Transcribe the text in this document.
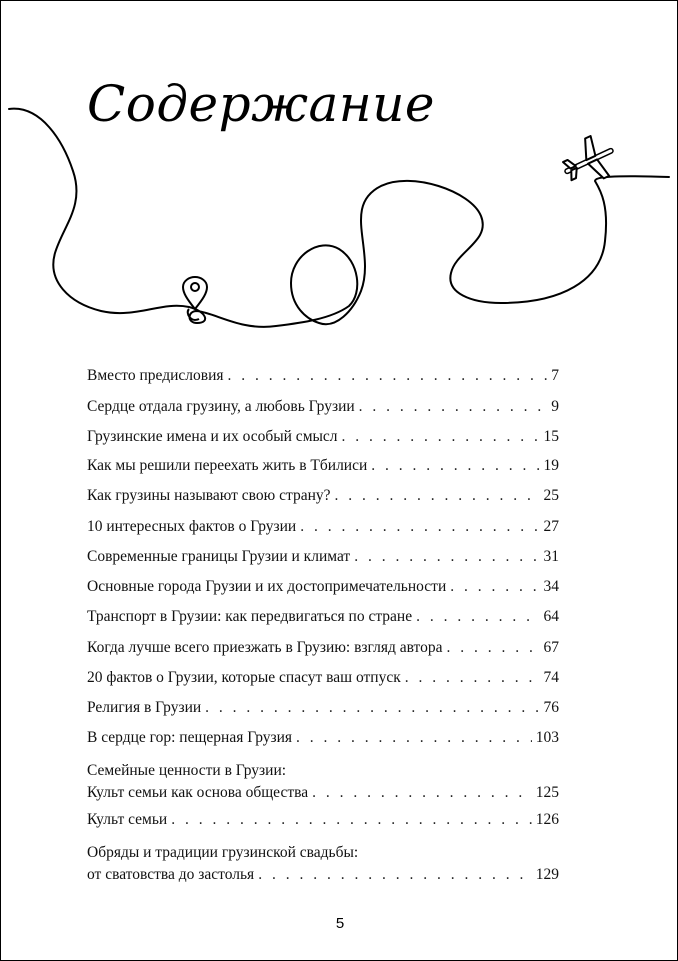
Содержание
Вместо предисловия . . .	7
Сердце отдала грузину, а любовь Грузии . . .	9
Грузинские имена и их особый смысл . . .	15
Как мы решили переехать жить в Тбилиси . . .	19
Как грузины называют свою страну? . . .	25
10 интересных фактов о Грузии . . .	27
Современные границы Грузии и климат . . .	31
Основные города Грузии и их достопримечательности . . .	34
Транспорт в Грузии: как передвигаться по стране . . .	64
Когда лучше всего приезжать в Грузию: взгляд автора . . .	67
20 фактов о Грузии, которые спасут ваш отпуск . . .	74
Религия в Грузии . . .	76
В сердце гор: пещерная Грузия . . .	103
Семейные ценности в Грузии:
Культ семьи как основа общества . . .	125
Культ семьи . . .	126
Обряды и традиции грузинской свадьбы:
от сватовства до застолья . . .	129
5
